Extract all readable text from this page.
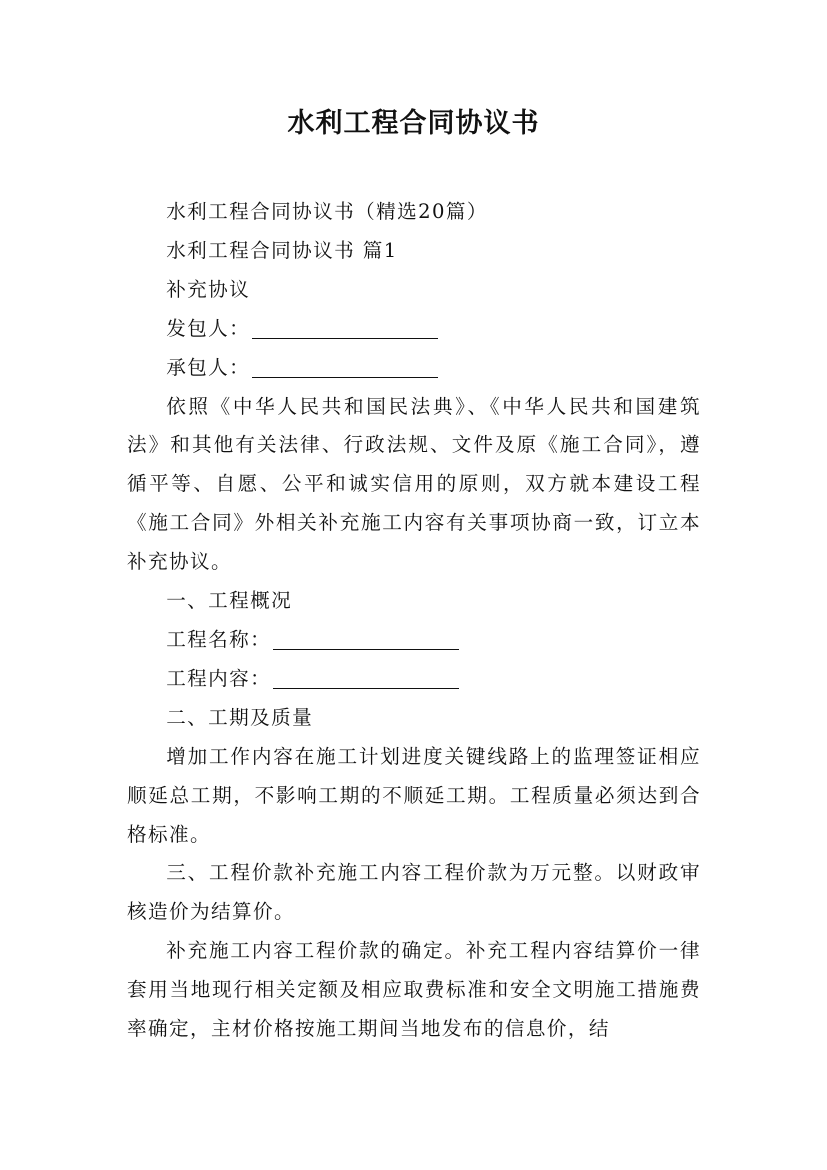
水利工程合同协议书

水利工程合同协议书（精选20篇）

水利工程合同协议书 篇1

补充协议

发包人：

承包人：

依照《中华人民共和国民法典》、《中华人民共和国建筑法》和其他有关法律、行政法规、文件及原《施工合同》，遵循平等、自愿、公平和诚实信用的原则，双方就本建设工程《施工合同》外相关补充施工内容有关事项协商一致，订立本补充协议。

一、工程概况

工程名称：

工程内容：

二、工期及质量

增加工作内容在施工计划进度关键线路上的监理签证相应顺延总工期，不影响工期的不顺延工期。工程质量必须达到合格标准。

三、工程价款补充施工内容工程价款为万元整。以财政审核造价为结算价。

补充施工内容工程价款的确定。补充工程内容结算价一律套用当地现行相关定额及相应取费标准和安全文明施工措施费率确定，主材价格按施工期间当地发布的信息价，结
